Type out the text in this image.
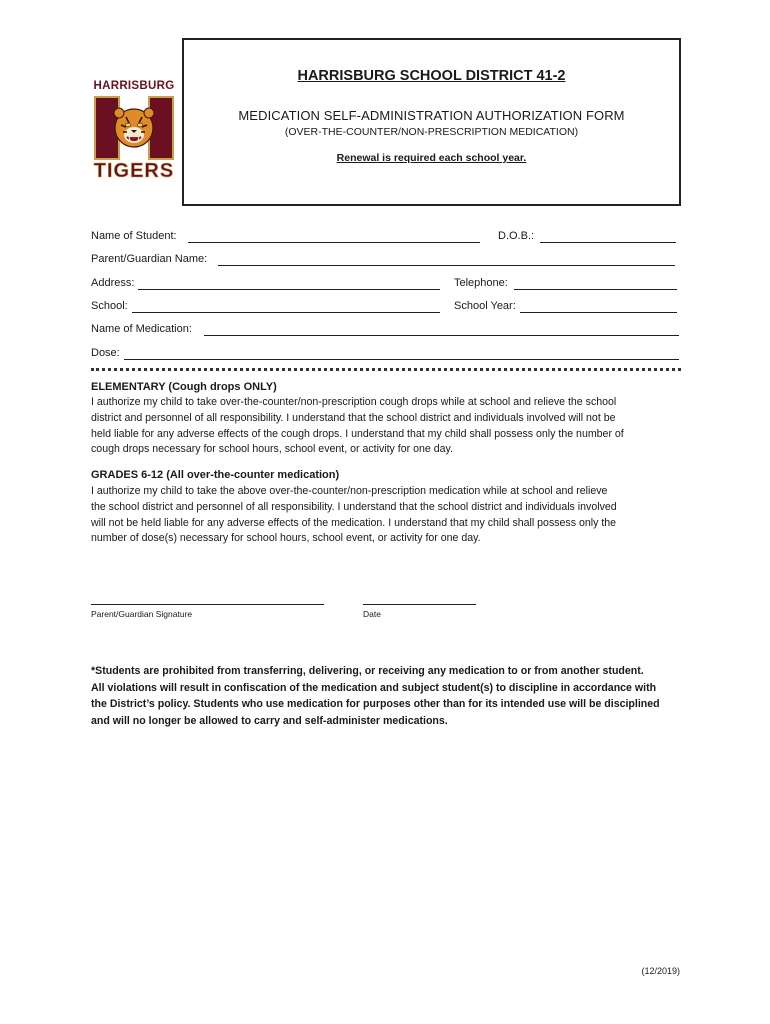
HARRISBURG
TIGERS
HARRISBURG SCHOOL DISTRICT 41-2
MEDICATION SELF-ADMINISTRATION AUTHORIZATION FORM
(OVER-THE-COUNTER/NON-PRESCRIPTION MEDICATION)
Renewal is required each school year.
Name of Student:	D.O.B.:
Parent/Guardian Name:
Address:	Telephone:
School:	School Year:
Name of Medication:
Dose:
ELEMENTARY (Cough drops ONLY)
I authorize my child to take over-the-counter/non-prescription cough drops while at school and relieve the school
district and personnel of all responsibility. I understand that the school district and individuals involved will not be
held liable for any adverse effects of the cough drops. I understand that my child shall possess only the number of
cough drops necessary for school hours, school event, or activity for one day.
GRADES 6-12 (All over-the-counter medication)
I authorize my child to take the above over-the-counter/non-prescription medication while at school and relieve
the school district and personnel of all responsibility. I understand that the school district and individuals involved
will not be held liable for any adverse effects of the medication. I understand that my child shall possess only the
number of dose(s) necessary for school hours, school event, or activity for one day.
Parent/Guardian Signature	Date
*Students are prohibited from transferring, delivering, or receiving any medication to or from another student.
All violations will result in confiscation of the medication and subject student(s) to discipline in accordance with
the District’s policy. Students who use medication for purposes other than for its intended use will be disciplined
and will no longer be allowed to carry and self-administer medications.
(12/2019)
